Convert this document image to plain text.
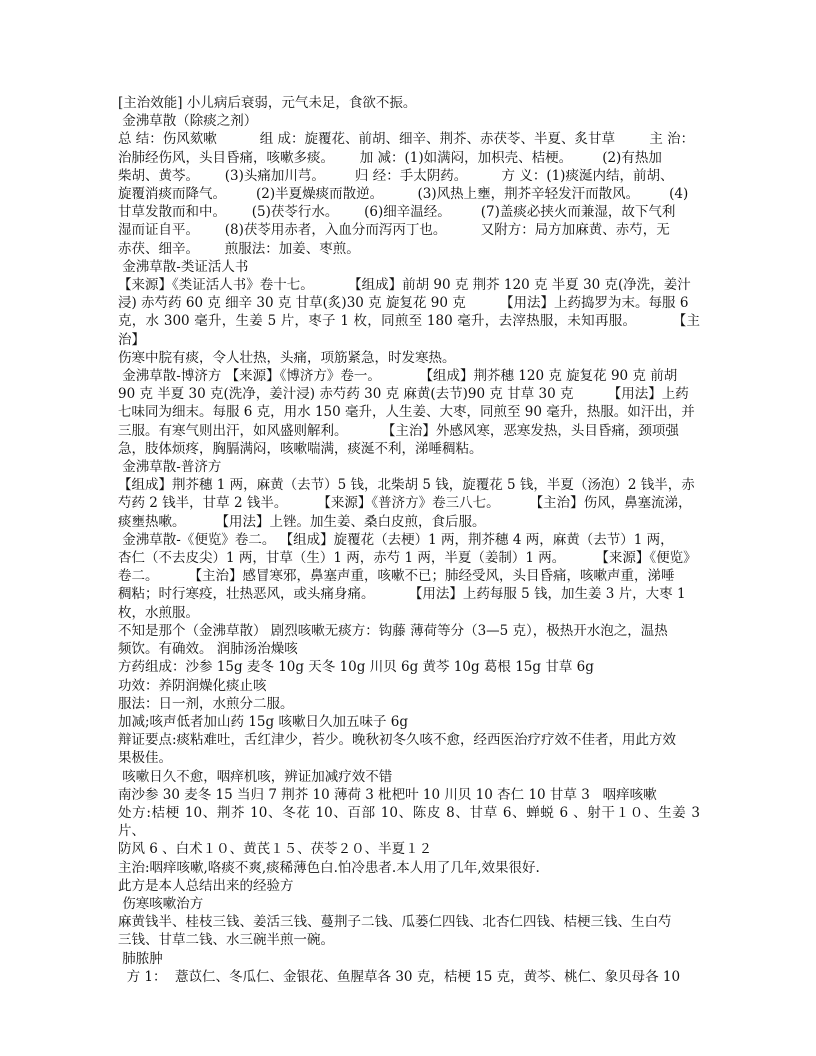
[主治效能] 小儿病后衰弱，元气未足，食欲不振。
金沸草散（除痰之剂）
总 结：伤风欬嗽          组 成：旋覆花、前胡、细辛、荆芥、赤茯苓、半夏、炙甘草        主 治：
治肺经伤风，头目昏痛，咳嗽多痰。      加 减：(1)如满闷，加枳壳、桔梗。       (2)有热加
柴胡、黄芩。      (3)头痛加川芎。       归 经：手太阴药。        方 义：(1)痰涎内结，前胡、
旋覆消痰而降气。       (2)半夏燥痰而散逆。        (3)风热上壅，荆芥辛轻发汗而散风。       (4)
甘草发散而和中。      (5)茯苓行水。      (6)细辛温经。       (7)盖痰必挟火而兼湿，故下气利
湿而证自平。      (8)茯苓用赤者，入血分而泻丙丁也。        又附方：局方加麻黄、赤芍，无
赤茯、细辛。      煎服法：加姜、枣煎。
金沸草散-类证活人书
【来源】《类证活人书》卷十七。        【组成】前胡 90 克 荆芥 120 克 半夏 30 克(净洗，姜汁
浸) 赤芍药 60 克 细辛 30 克 甘草(炙)30 克 旋复花 90 克        【用法】上药捣罗为末。每服 6
克，水 300 毫升，生姜 5 片，枣子 1 枚，同煎至 180 毫升，去滓热服，未知再服。        【主治】
伤寒中脘有痰，令人壮热，头痛，项筋紧急，时发寒热。
金沸草散-博济方 【来源】《博济方》卷一。         【组成】荆芥穗 120 克 旋复花 90 克 前胡
90 克 半夏 30 克(洗净，姜汁浸) 赤芍药 30 克 麻黄(去节)90 克 甘草 30 克        【用法】上药
七味同为细末。每服 6 克，用水 150 毫升，人生姜、大枣，同煎至 90 毫升，热服。如汗出，并
三服。有寒气则出汗，如风盛则解利。        【主治】外感风寒，恶寒发热，头目昏痛，颈项强
急，肢体烦疼，胸膈满闷，咳嗽喘满，痰涎不利，涕唾稠粘。
金沸草散-普济方
【组成】荆芥穗 1 两，麻黄（去节）5 钱，北柴胡 5 钱，旋覆花 5 钱，半夏（汤泡）2 钱半，赤
芍药 2 钱半，甘草 2 钱半。       【来源】《普济方》卷三八七。       【主治】伤风，鼻塞流涕，
痰壅热嗽。       【用法】上锉。加生姜、桑白皮煎，食后服。
金沸草散-《便览》卷二。 【组成】旋覆花（去梗）1 两，荆芥穗 4 两，麻黄（去节）1 两，
杏仁（不去皮尖）1 两，甘草（生）1 两，赤芍 1 两，半夏（姜制）1 两。       【来源】《便览》
卷二。       【主治】感冒寒邪，鼻塞声重，咳嗽不已；肺经受风，头目昏痛，咳嗽声重，涕唾
稠粘；时行寒疫，壮热恶风，或头痛身痛。        【用法】上药每服 5 钱，加生姜 3 片，大枣 1
枚，水煎服。
不知是那个（金沸草散） 剧烈咳嗽无痰方：钩藤 薄荷等分（3—5 克），极热开水泡之，温热
频饮。有确效。 润肺汤治燥咳
方药组成：沙参 15g 麦冬 10g 天冬 10g 川贝 6g 黄芩 10g 葛根 15g 甘草 6g
功效：养阴润燥化痰止咳
服法：日一剂，水煎分二服。
加减;咳声低者加山药 15g 咳嗽日久加五味子 6g
辩证要点:痰粘难吐，舌红津少，苔少。晚秋初冬久咳不愈，经西医治疗疗效不佳者，用此方效
果极佳。
咳嗽日久不愈，咽痒机咳，辨证加减疗效不错
南沙参 30 麦冬 15 当归 7 荆芥 10 薄荷 3 枇杷叶 10 川贝 10 杏仁 10 甘草 3   咽痒咳嗽
处方:桔梗 10、荆芥 10、冬花 10、百部 10、陈皮 8、甘草 6、蝉蜕 6 、射干１０、生姜 3 片、
防风 6 、白术１０、黄芪１５、茯苓２０、半夏１２
主治:咽痒咳嗽,咯痰不爽,痰稀薄色白.怕冷患者.本人用了几年,效果很好.
此方是本人总结出来的经验方
伤寒咳嗽治方
麻黄钱半、桂枝三钱、姜活三钱、蔓荆子二钱、瓜蒌仁四钱、北杏仁四钱、桔梗三钱、生白芍
三钱、甘草二钱、水三碗半煎一碗。
肺脓肿
方 1：  薏苡仁、冬瓜仁、金银花、鱼腥草各 30 克，桔梗 15 克，黄芩、桃仁、象贝母各 10
